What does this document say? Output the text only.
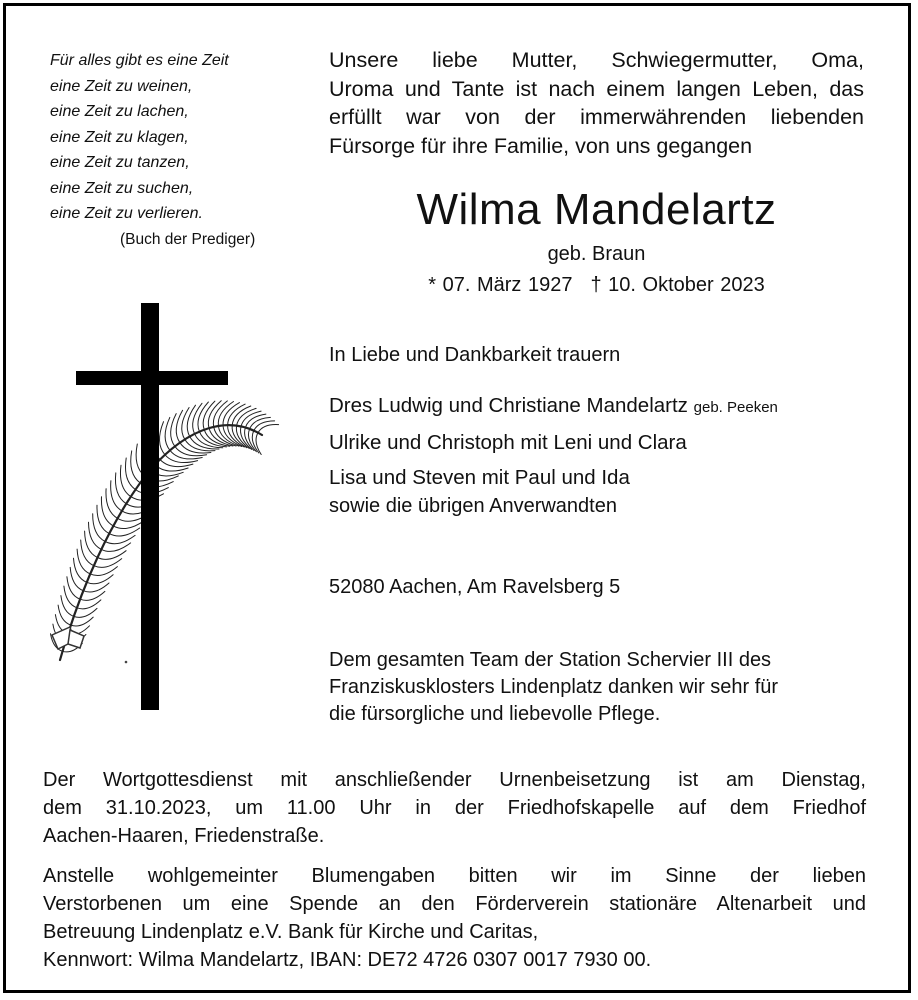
Für alles gibt es eine Zeit
eine Zeit zu weinen,
eine Zeit zu lachen,
eine Zeit zu klagen,
eine Zeit zu tanzen,
eine Zeit zu suchen,
eine Zeit zu verlieren.
(Buch der Prediger)
Unsere liebe Mutter, Schwiegermutter, Oma,
Uroma und Tante ist nach einem langen Leben, das
erfüllt war von der immerwährenden liebenden
Fürsorge für ihre Familie, von uns gegangen
Wilma Mandelartz
geb. Braun
* 07. März 1927 † 10. Oktober 2023
In Liebe und Dankbarkeit trauern
Dres Ludwig und Christiane Mandelartz geb. Peeken
Ulrike und Christoph mit Leni und Clara
Lisa und Steven mit Paul und Ida
sowie die übrigen Anverwandten
52080 Aachen, Am Ravelsberg 5
Dem gesamten Team der Station Schervier III des
Franziskusklosters Lindenplatz danken wir sehr für
die fürsorgliche und liebevolle Pflege.
Der Wortgottesdienst mit anschließender Urnenbeisetzung ist am Dienstag,
dem 31.10.2023, um 11.00 Uhr in der Friedhofskapelle auf dem Friedhof
Aachen-Haaren, Friedenstraße.
Anstelle wohlgemeinter Blumengaben bitten wir im Sinne der lieben
Verstorbenen um eine Spende an den Förderverein stationäre Altenarbeit und
Betreuung Lindenplatz e.V. Bank für Kirche und Caritas,
Kennwort: Wilma Mandelartz, IBAN: DE72 4726 0307 0017 7930 00.
